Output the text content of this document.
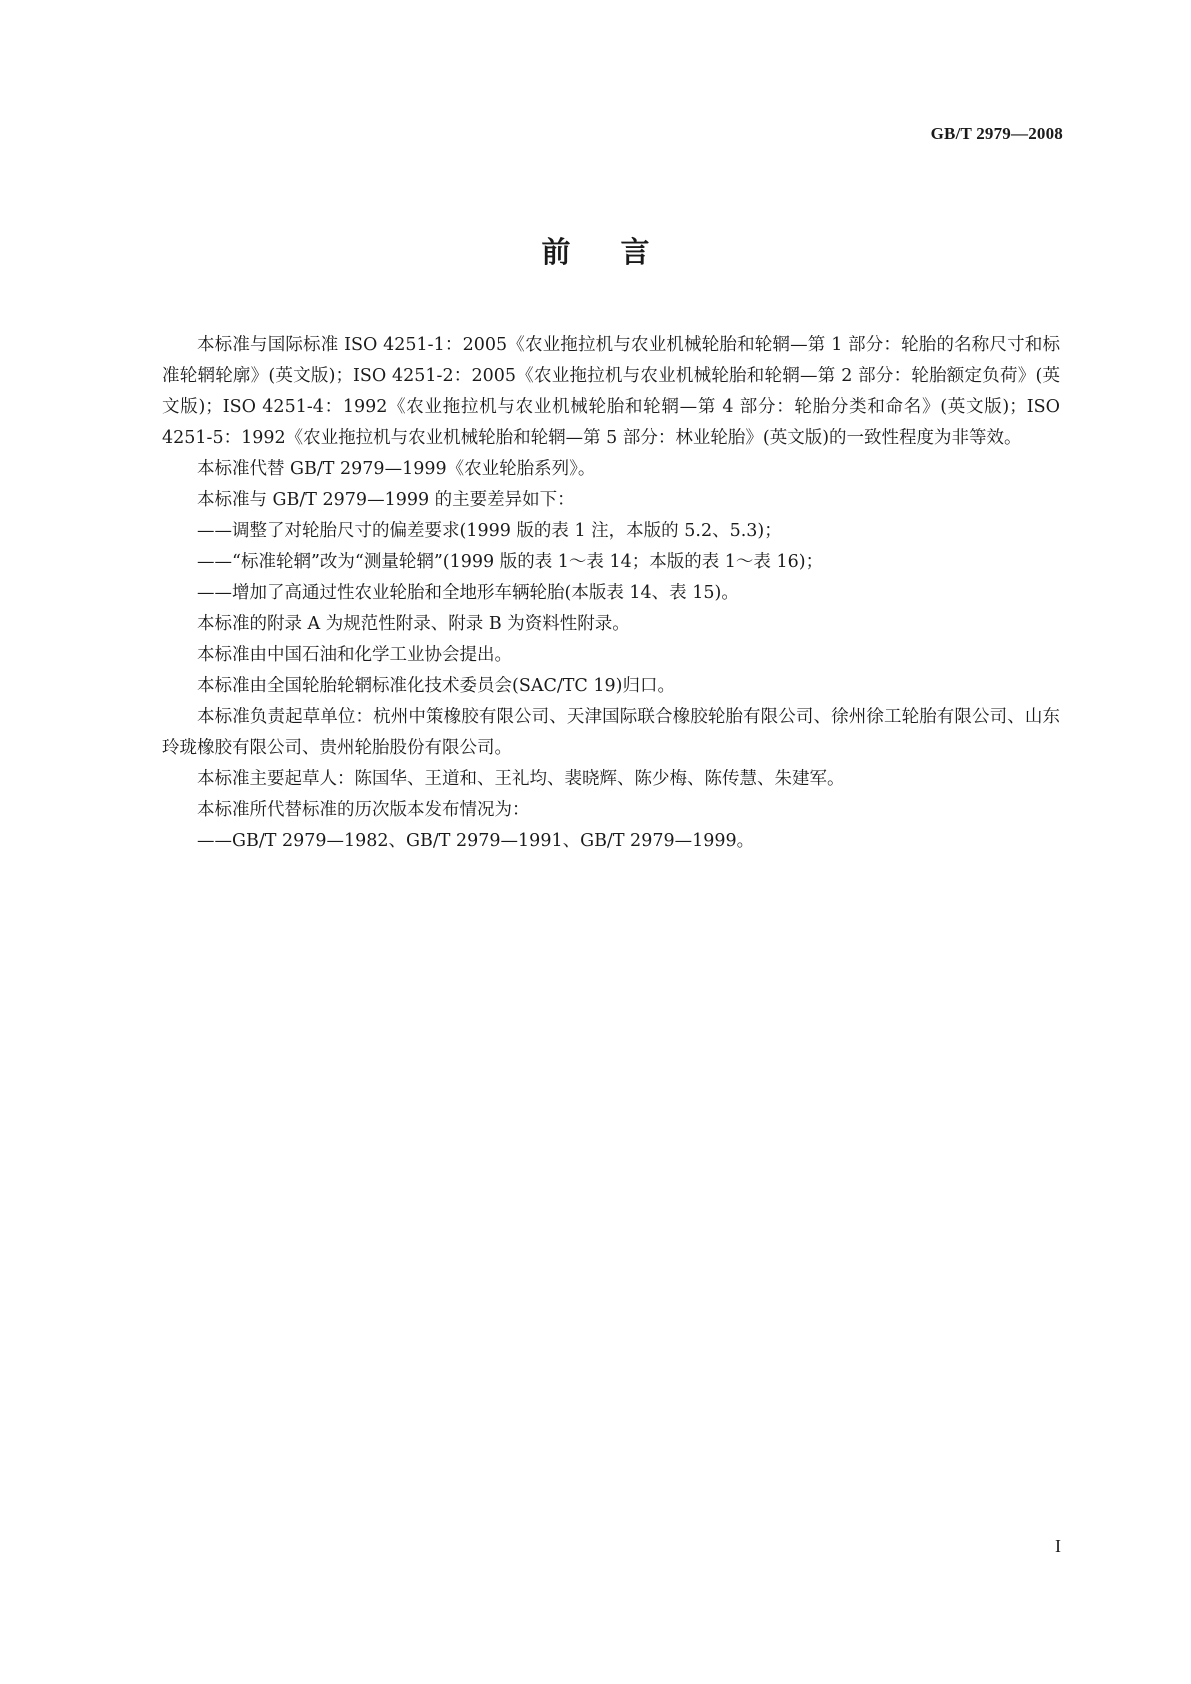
GB/T 2979—2008
前言

本标准与国际标准 ISO 4251-1：2005《农业拖拉机与农业机械轮胎和轮辋—第 1 部分：轮胎的名称尺寸和标准轮辋轮廓》(英文版)；ISO 4251-2：2005《农业拖拉机与农业机械轮胎和轮辋—第 2 部分：轮胎额定负荷》(英文版)；ISO 4251-4：1992《农业拖拉机与农业机械轮胎和轮辋—第 4 部分：轮胎分类和命名》(英文版)；ISO 4251-5：1992《农业拖拉机与农业机械轮胎和轮辋—第 5 部分：林业轮胎》(英文版)的一致性程度为非等效。

本标准代替 GB/T 2979—1999《农业轮胎系列》。

本标准与 GB/T 2979—1999 的主要差异如下：

——调整了对轮胎尺寸的偏差要求(1999 版的表 1 注，本版的 5.2、5.3)；

——“标准轮辋”改为“测量轮辋”(1999 版的表 1～表 14；本版的表 1～表 16)；

——增加了高通过性农业轮胎和全地形车辆轮胎(本版表 14、表 15)。

本标准的附录 A 为规范性附录、附录 B 为资料性附录。

本标准由中国石油和化学工业协会提出。

本标准由全国轮胎轮辋标准化技术委员会(SAC/TC 19)归口。

本标准负责起草单位：杭州中策橡胶有限公司、天津国际联合橡胶轮胎有限公司、徐州徐工轮胎有限公司、山东玲珑橡胶有限公司、贵州轮胎股份有限公司。

本标准主要起草人：陈国华、王道和、王礼均、裴晓辉、陈少梅、陈传慧、朱建军。

本标准所代替标准的历次版本发布情况为：

——GB/T 2979—1982、GB/T 2979—1991、GB/T 2979—1999。

I
